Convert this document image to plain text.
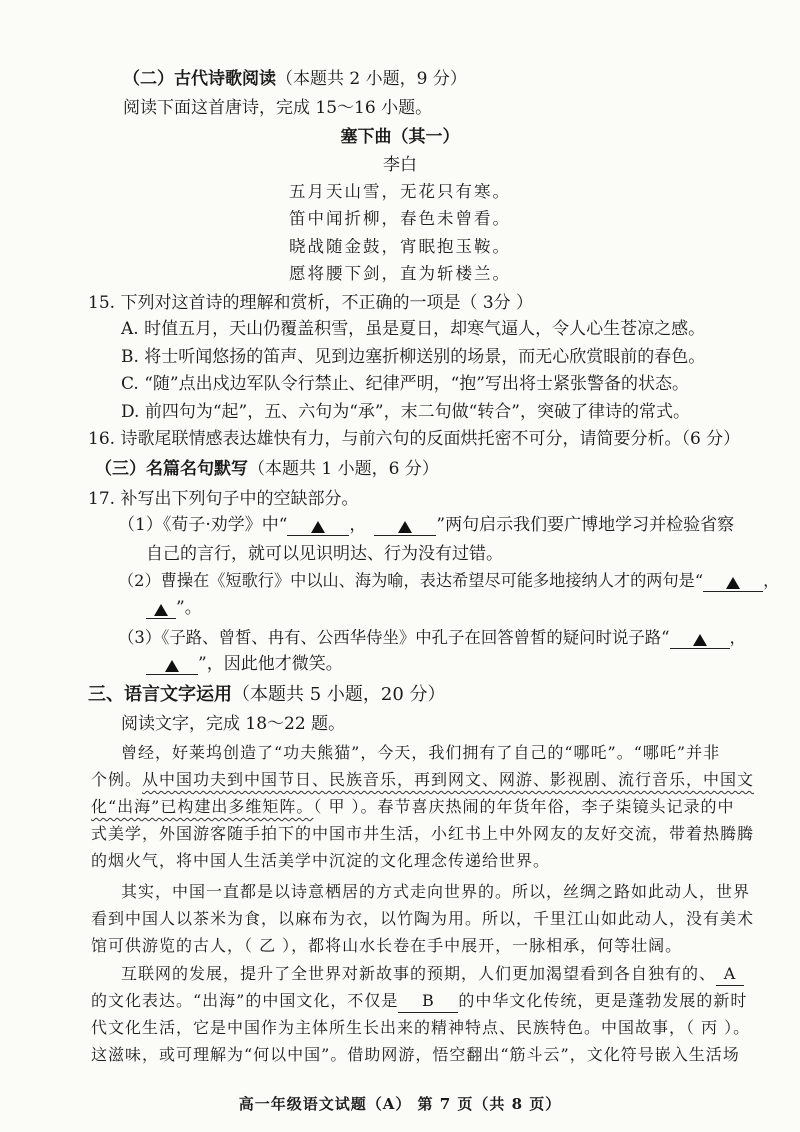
（二）古代诗歌阅读（本题共 2 小题，9 分）
阅读下面这首唐诗，完成 15～16 小题。
塞下曲（其一）
李白
五月天山雪，无花只有寒。
笛中闻折柳，春色未曾看。
晓战随金鼓，宵眠抱玉鞍。
愿将腰下剑，直为斩楼兰。
15. 下列对这首诗的理解和赏析，不正确的一项是（ 3分 ）
A. 时值五月，天山仍覆盖积雪，虽是夏日，却寒气逼人，令人心生苍凉之感。
B. 将士听闻悠扬的笛声、见到边塞折柳送别的场景，而无心欣赏眼前的春色。
C. “随”点出戍边军队令行禁止、纪律严明，“抱”写出将士紧张警备的状态。
D. 前四句为“起”，五、六句为“承”，末二句做“转合”，突破了律诗的常式。
16. 诗歌尾联情感表达雄快有力，与前六句的反面烘托密不可分，请简要分析。（6 分）
（三）名篇名句默写（本题共 1 小题，6 分）
17. 补写出下列句子中的空缺部分。
（1）《荀子·劝学》中“	，	”两句启示我们要广博地学习并检验省察
自己的言行，就可以见识明达、行为没有过错。
（2）曹操在《短歌行》中以山、海为喻，表达希望尽可能多地接纳人才的两句是“	，
”。
（3）《子路、曾皙、冉有、公西华侍坐》中孔子在回答曾皙的疑问时说子路“	，
”，因此他才微笑。
三、语言文字运用（本题共 5 小题，20 分）
阅读文字，完成 18～22 题。
曾经，好莱坞创造了“功夫熊猫”，今天，我们拥有了自己的“哪吒”。“哪吒”并非
个例。从中国功夫到中国节日、民族音乐，再到网文、网游、影视剧、流行音乐，中国文
化“出海”已构建出多维矩阵。（ 甲 ）。春节喜庆热闹的年货年俗，李子柒镜头记录的中
式美学，外国游客随手拍下的中国市井生活，小红书上中外网友的友好交流，带着热腾腾
的烟火气，将中国人生活美学中沉淀的文化理念传递给世界。
其实，中国一直都是以诗意栖居的方式走向世界的。所以，丝绸之路如此动人，世界
看到中国人以茶米为食，以麻布为衣，以竹陶为用。所以，千里江山如此动人，没有美术
馆可供游览的古人，（ 乙 ），都将山水长卷在手中展开，一脉相承，何等壮阔。
互联网的发展，提升了全世界对新故事的预期，人们更加渴望看到各自独有的、 A
的文化表达。“出海”的中国文化，不仅是 B 的中华文化传统，更是蓬勃发展的新时
代文化生活，它是中国作为主体所生长出来的精神特点、民族特色。中国故事，（ 丙 ）。
这滋味，或可理解为“何以中国”。借助网游，悟空翻出“筋斗云”，文化符号嵌入生活场
高一年级语文试题（A） 第 7 页（共 8 页）
